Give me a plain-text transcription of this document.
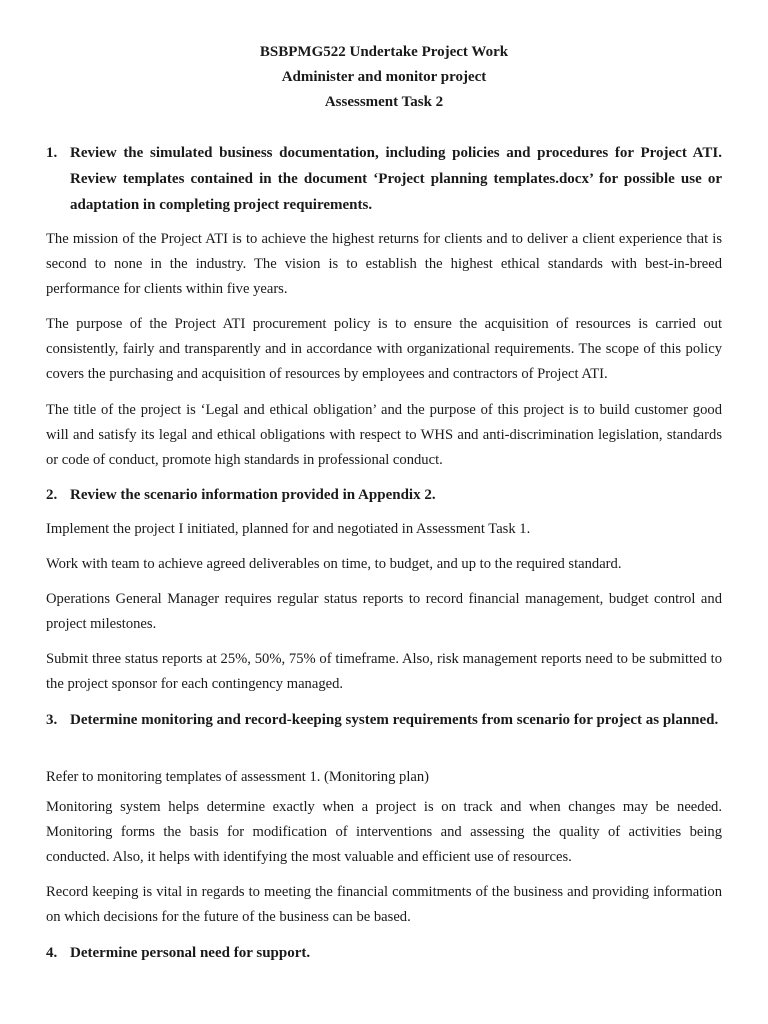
BSBPMG522 Undertake Project Work

Administer and monitor project

Assessment Task 2

1. Review the simulated business documentation, including policies and procedures for Project ATI. Review templates contained in the document ‘Project planning templates.docx’ for possible use or adaptation in completing project requirements.

The mission of the Project ATI is to achieve the highest returns for clients and to deliver a client experience that is second to none in the industry. The vision is to establish the highest ethical standards with best-in-breed performance for clients within five years.

The purpose of the Project ATI procurement policy is to ensure the acquisition of resources is carried out consistently, fairly and transparently and in accordance with organizational requirements. The scope of this policy covers the purchasing and acquisition of resources by employees and contractors of Project ATI.

The title of the project is ‘Legal and ethical obligation’ and the purpose of this project is to build customer good will and satisfy its legal and ethical obligations with respect to WHS and anti-discrimination legislation, standards or code of conduct, promote high standards in professional conduct.

2. Review the scenario information provided in Appendix 2.

Implement the project I initiated, planned for and negotiated in Assessment Task 1.

Work with team to achieve agreed deliverables on time, to budget, and up to the required standard.

Operations General Manager requires regular status reports to record financial management, budget control and project milestones.

Submit three status reports at 25%, 50%, 75% of timeframe. Also, risk management reports need to be submitted to the project sponsor for each contingency managed.

3. Determine monitoring and record-keeping system requirements from scenario for project as planned.

Refer to monitoring templates of assessment 1. (Monitoring plan)

Monitoring system helps determine exactly when a project is on track and when changes may be needed. Monitoring forms the basis for modification of interventions and assessing the quality of activities being conducted. Also, it helps with identifying the most valuable and efficient use of resources.

Record keeping is vital in regards to meeting the financial commitments of the business and providing information on which decisions for the future of the business can be based.

4. Determine personal need for support.
